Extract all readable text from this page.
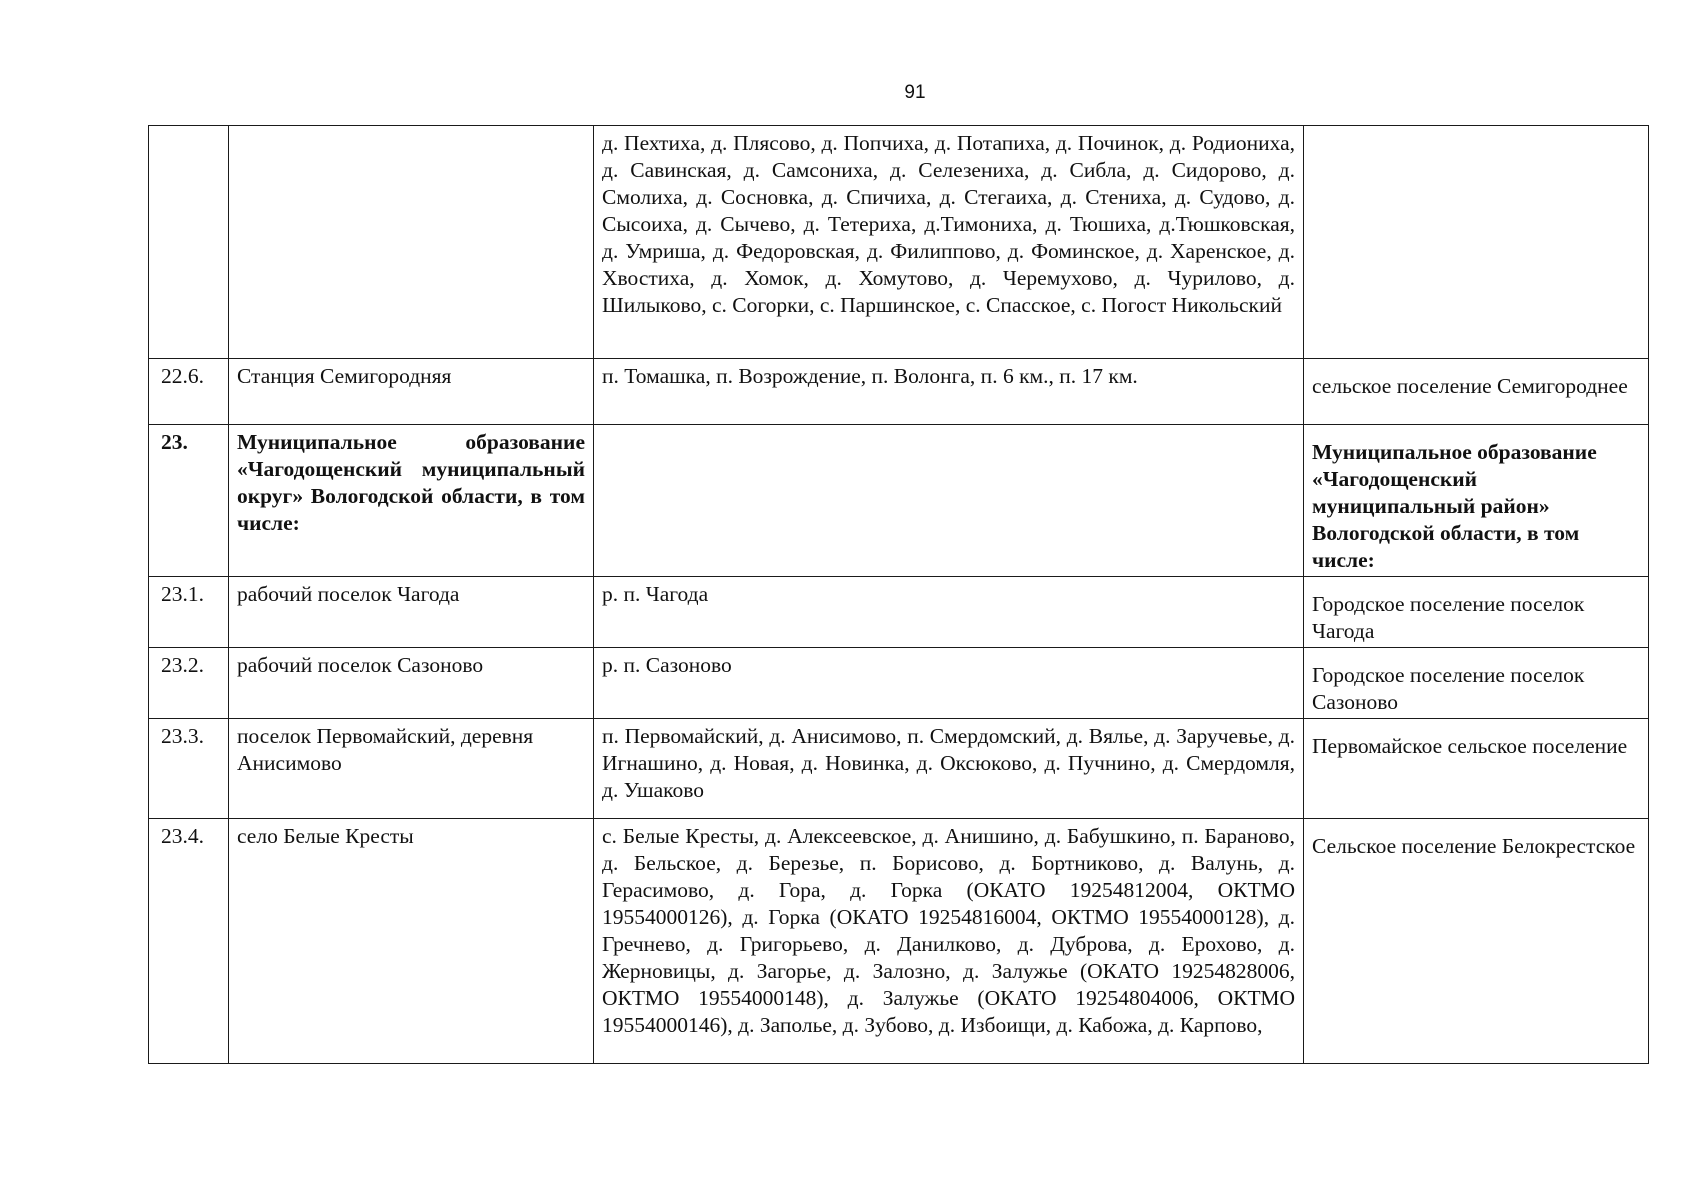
91
		д. Пехтиха, д. Плясово, д. Попчиха, д. Потапиха, д. Починок, д. Родиониха, д. Савинская, д. Самсониха, д. Селезениха, д. Сибла, д. Сидорово, д. Смолиха, д. Сосновка, д. Спичиха, д. Стегаиха, д. Стениха, д. Судово, д. Сысоиха, д. Сычево, д. Тетериха, д.Тимониха, д. Тюшиха, д.Тюшковская, д. Умриша, д. Федоровская, д. Филиппово, д. Фоминское, д. Харенское, д. Хвостиха, д. Хомок, д. Хомутово, д. Черемухово, д. Чурилово, д. Шилыково, с. Согорки, с. Паршинское, с. Спасское, с. Погост Никольский	
22.6.	Станция Семигородняя	п. Томашка, п. Возрождение, п. Волонга, п. 6 км., п. 17 км.	сельское поселение Семигороднее
23.	Муниципальное образование «Чагодощенский муниципальный округ» Вологодской области, в том числе:		Муниципальное образование «Чагодощенский муниципальный район» Вологодской области, в том числе:
23.1.	рабочий поселок Чагода	р. п. Чагода	Городское поселение поселок Чагода
23.2.	рабочий поселок Сазоново	р. п. Сазоново	Городское поселение поселок Сазоново
23.3.	поселок Первомайский, деревня Анисимово	п. Первомайский, д. Анисимово, п. Смердомский, д. Вялье, д. Заручевье, д. Игнашино, д. Новая, д. Новинка, д. Оксюково, д. Пучнино, д. Смердомля, д. Ушаково	Первомайское сельское поселение
23.4.	село Белые Кресты	с. Белые Кресты, д. Алексеевское, д. Анишино, д. Бабушкино, п. Бараново, д. Бельское, д. Березье, п. Борисово, д. Бортниково, д. Валунь, д. Герасимово, д. Гора, д. Горка (ОКАТО 19254812004, ОКТМО 19554000126), д. Горка (ОКАТО 19254816004, ОКТМО 19554000128), д. Гречнево, д. Григорьево, д. Данилково, д. Дуброва, д. Ерохово, д. Жерновицы, д. Загорье, д. Залозно, д. Залужье (ОКАТО 19254828006, ОКТМО 19554000148), д. Залужье (ОКАТО 19254804006, ОКТМО 19554000146), д. Заполье, д. Зубово, д. Избоищи, д. Кабожа, д. Карпово,	Сельское поселение Белокрестское
